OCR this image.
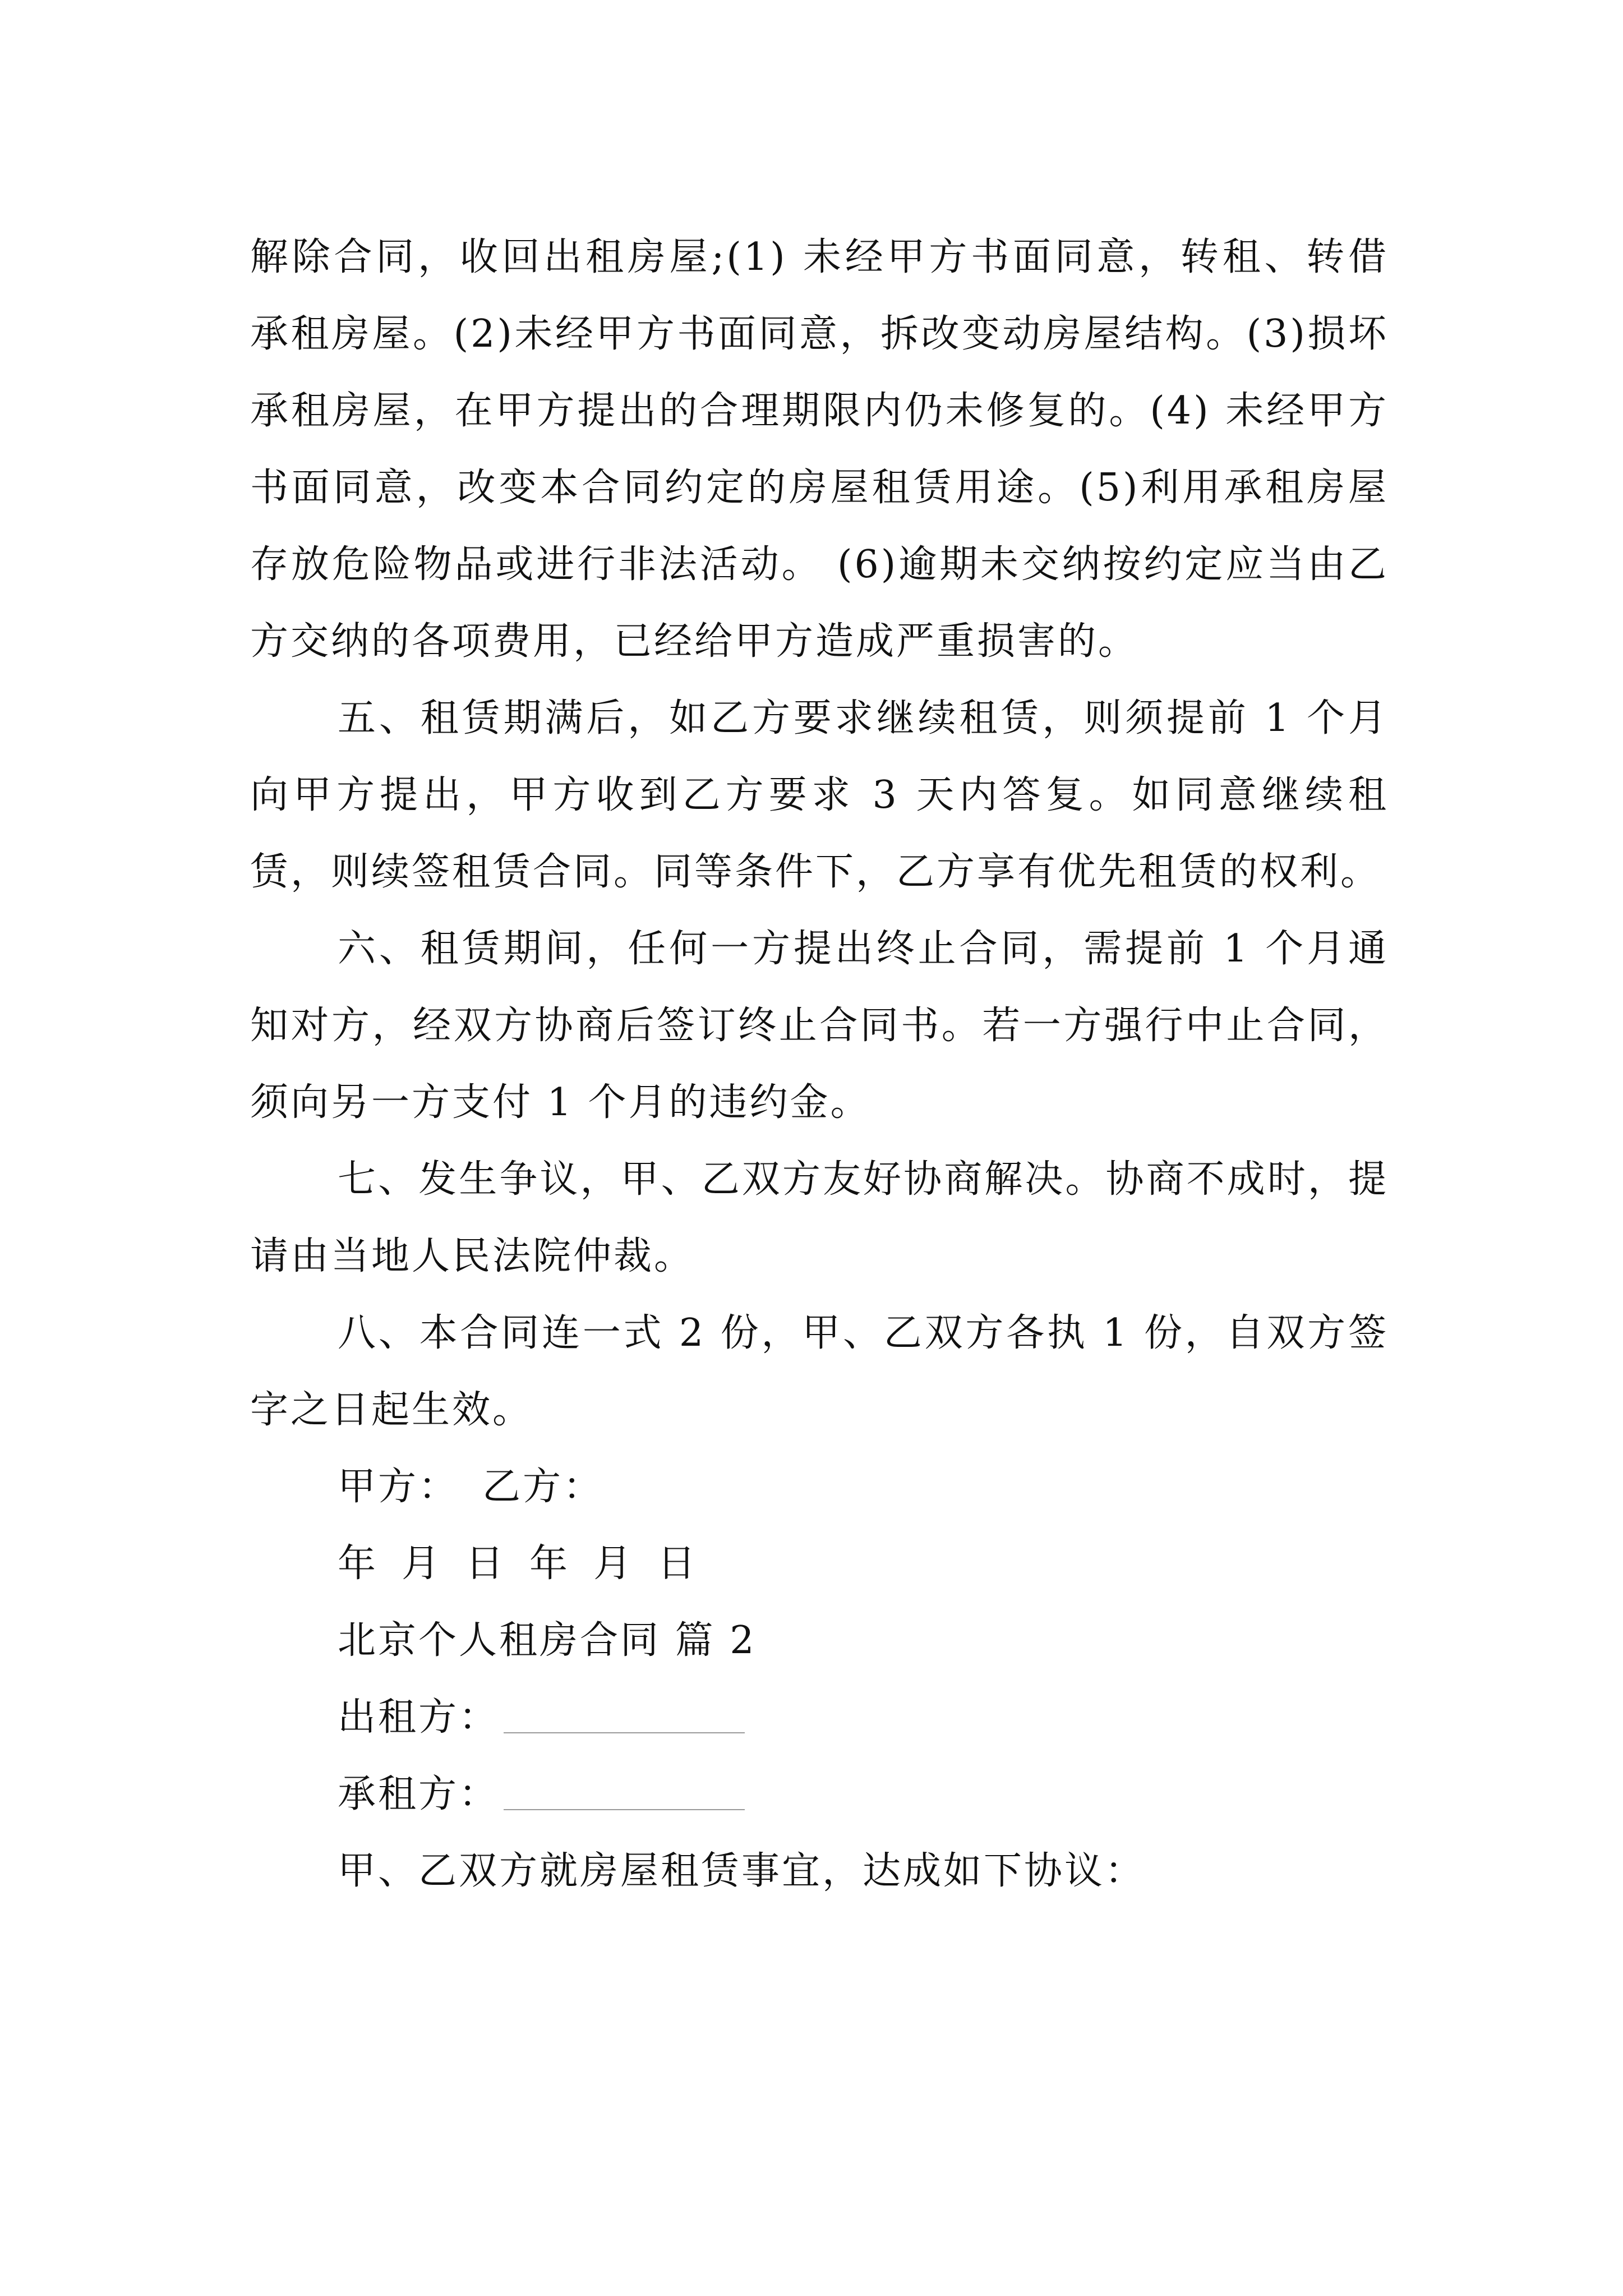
解除合同，收回出租房屋;(1) 未经甲方书面同意，转租、转借承租房屋。(2)未经甲方书面同意，拆改变动房屋结构。(3)损坏承租房屋，在甲方提出的合理期限内仍未修复的。(4) 未经甲方书面同意，改变本合同约定的房屋租赁用途。(5)利用承租房屋存放危险物品或进行非法活动。 (6)逾期未交纳按约定应当由乙方交纳的各项费用，已经给甲方造成严重损害的。

五、租赁期满后，如乙方要求继续租赁，则须提前 1 个月向甲方提出，甲方收到乙方要求 3 天内答复。如同意继续租赁，则续签租赁合同。同等条件下，乙方享有优先租赁的权利。

六、租赁期间，任何一方提出终止合同，需提前 1 个月通知对方，经双方协商后签订终止合同书。若一方强行中止合同，须向另一方支付 1 个月的违约金。

七、发生争议，甲、乙双方友好协商解决。协商不成时，提请由当地人民法院仲裁。

八、本合同连一式 2 份，甲、乙双方各执 1 份，自双方签字之日起生效。

甲方： 乙方：

年 月 日 年 月 日

北京个人租房合同 篇 2

出租方：

承租方：

甲、乙双方就房屋租赁事宜，达成如下协议：
